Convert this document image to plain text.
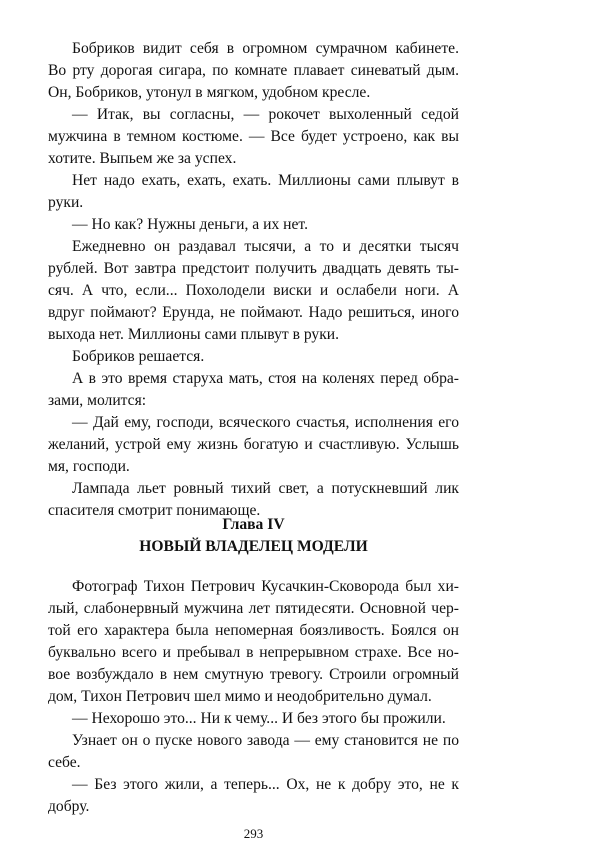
Бобриков видит себя в огромном сумрачном кабинете.
Во рту дорогая сигара, по комнате плавает синеватый дым.
Он, Бобриков, утонул в мягком, удобном кресле.
— Итак, вы согласны, — рокочет выхоленный седой
мужчина в темном костюме. — Все будет устроено, как вы
хотите. Выпьем же за успех.
Нет надо ехать, ехать, ехать. Миллионы сами плывут в
руки.
— Но как? Нужны деньги, а их нет.
Ежедневно он раздавал тысячи, а то и десятки тысяч
рублей. Вот завтра предстоит получить двадцать девять ты-
сяч. А что, если... Похолодели виски и ослабели ноги. А
вдруг поймают? Ерунда, не поймают. Надо решиться, иного
выхода нет. Миллионы сами плывут в руки.
Бобриков решается.
А в это время старуха мать, стоя на коленях перед обра-
зами, молится:
— Дай ему, господи, всяческого счастья, исполнения его
желаний, устрой ему жизнь богатую и счастливую. Услышь
мя, господи.
Лампада льет ровный тихий свет, а потускневший лик
спасителя смотрит понимающе.
Глава IV
НОВЫЙ ВЛАДЕЛЕЦ МОДЕЛИ
Фотограф Тихон Петрович Кусачкин-Сковорода был хи-
лый, слабонервный мужчина лет пятидесяти. Основной чер-
той его характера была непомерная боязливость. Боялся он
буквально всего и пребывал в непрерывном страхе. Все но-
вое возбуждало в нем смутную тревогу. Строили огромный
дом, Тихон Петрович шел мимо и неодобрительно думал.
— Нехорошо это... Ни к чему... И без этого бы прожили.
Узнает он о пуске нового завода — ему становится не по
себе.
— Без этого жили, а теперь... Ох, не к добру это, не к
добру.
293
